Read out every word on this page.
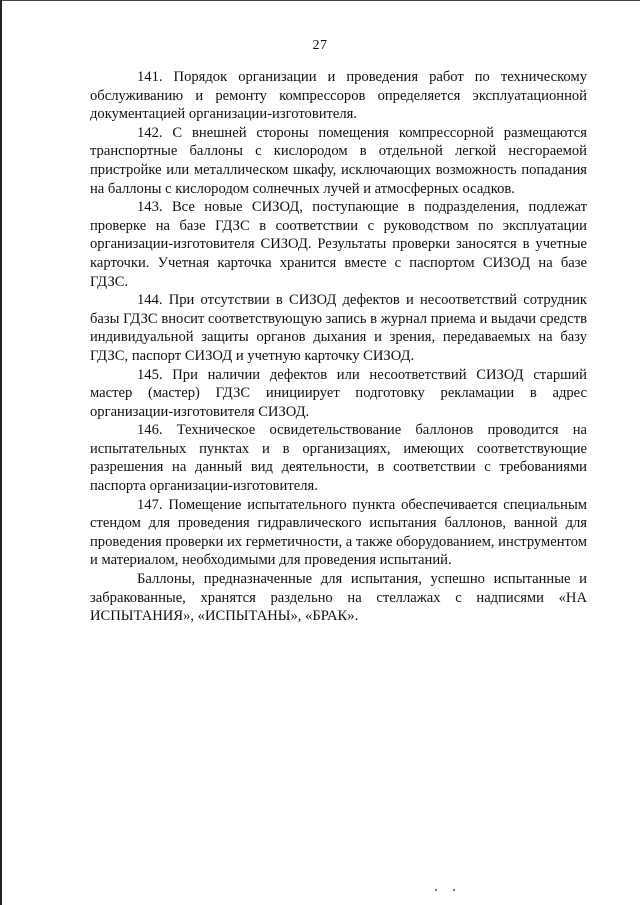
27

141. Порядок организации и проведения работ по техническому обслуживанию и ремонту компрессоров определяется эксплуатационной документацией организации-изготовителя.

142. С внешней стороны помещения компрессорной размещаются транспортные баллоны с кислородом в отдельной легкой несгораемой пристройке или металлическом шкафу, исключающих возможность попадания на баллоны с кислородом солнечных лучей и атмосферных осадков.

143. Все новые СИЗОД, поступающие в подразделения, подлежат проверке на базе ГДЗС в соответствии с руководством по эксплуатации организации-изготовителя СИЗОД. Результаты проверки заносятся в учетные карточки. Учетная карточка хранится вместе с паспортом СИЗОД на базе ГДЗС.

144. При отсутствии в СИЗОД дефектов и несоответствий сотрудник базы ГДЗС вносит соответствующую запись в журнал приема и выдачи средств индивидуальной защиты органов дыхания и зрения, передаваемых на базу ГДЗС, паспорт СИЗОД и учетную карточку СИЗОД.

145. При наличии дефектов или несоответствий СИЗОД старший мастер (мастер) ГДЗС инициирует подготовку рекламации в адрес организации-изготовителя СИЗОД.

146. Техническое освидетельствование баллонов проводится на испытательных пунктах и в организациях, имеющих соответствующие разрешения на данный вид деятельности, в соответствии с требованиями паспорта организации-изготовителя.

147. Помещение испытательного пункта обеспечивается специальным стендом для проведения гидравлического испытания баллонов, ванной для проведения проверки их герметичности, а также оборудованием, инструментом и материалом, необходимыми для проведения испытаний.

Баллоны, предназначенные для испытания, успешно испытанные и забракованные, хранятся раздельно на стеллажах с надписями «НА ИСПЫТАНИЯ», «ИСПЫТАНЫ», «БРАК».
